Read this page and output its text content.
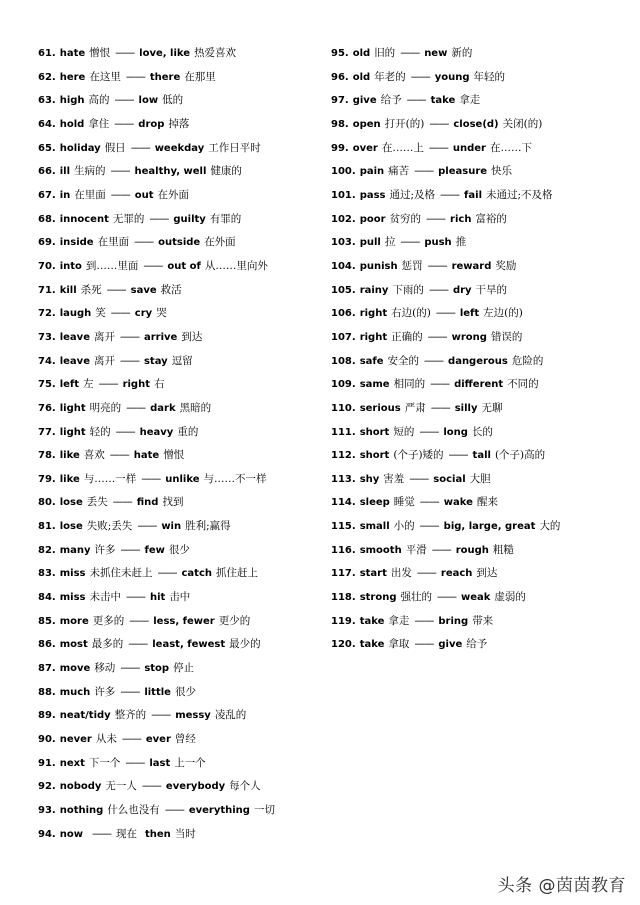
61. hate 憎恨 —— love, like 热爱喜欢
62. here 在这里 —— there 在那里
63. high 高的 —— low 低的
64. hold 拿住 —— drop 掉落
65. holiday 假日 —— weekday 工作日平时
66. ill 生病的 —— healthy, well 健康的
67. in 在里面 —— out 在外面
68. innocent 无罪的 —— guilty 有罪的
69. inside 在里面 —— outside 在外面
70. into 到……里面 —— out of 从……里向外
71. kill 杀死 —— save 救活
72. laugh 笑 —— cry 哭
73. leave 离开 —— arrive 到达
74. leave 离开 —— stay 逗留
75. left 左 —— right 右
76. light 明亮的 —— dark 黑暗的
77. light 轻的 —— heavy 重的
78. like 喜欢 —— hate 憎恨
79. like 与……一样 —— unlike 与……不一样
80. lose 丢失 —— find 找到
81. lose 失败;丢失 —— win 胜利;赢得
82. many 许多 —— few 很少
83. miss 未抓住未赶上 —— catch 抓住赶上
84. miss 未击中 —— hit 击中
85. more 更多的 —— less, fewer 更少的
86. most 最多的 —— least, fewest 最少的
87. move 移动 —— stop 停止
88. much 许多 —— little 很少
89. neat/tidy 整齐的 —— messy 凌乱的
90. never 从未 —— ever 曾经
91. next 下一个 —— last 上一个
92. nobody 无一人 —— everybody 每个人
93. nothing 什么也没有 —— everything 一切
94. now —— 现在 then 当时
95. old 旧的 —— new 新的
96. old 年老的 —— young 年轻的
97. give 给予 —— take 拿走
98. open 打开(的) —— close(d) 关闭(的)
99. over 在……上 —— under 在……下
100. pain 痛苦 —— pleasure 快乐
101. pass 通过;及格 —— fail 未通过;不及格
102. poor 贫穷的 —— rich 富裕的
103. pull 拉 —— push 推
104. punish 惩罚 —— reward 奖励
105. rainy 下雨的 —— dry 干旱的
106. right 右边(的) —— left 左边(的)
107. right 正确的 —— wrong 错误的
108. safe 安全的 —— dangerous 危险的
109. same 相同的 —— different 不同的
110. serious 严肃 —— silly 无聊
111. short 短的 —— long 长的
112. short (个子)矮的 —— tall (个子)高的
113. shy 害羞 —— social 大胆
114. sleep 睡觉 —— wake 醒来
115. small 小的 —— big, large, great 大的
116. smooth 平滑 —— rough 粗糙
117. start 出发 —— reach 到达
118. strong 强壮的 —— weak 虚弱的
119. take 拿走 —— bring 带来
120. take 拿取 —— give 给予
头条 @茵茵教育
